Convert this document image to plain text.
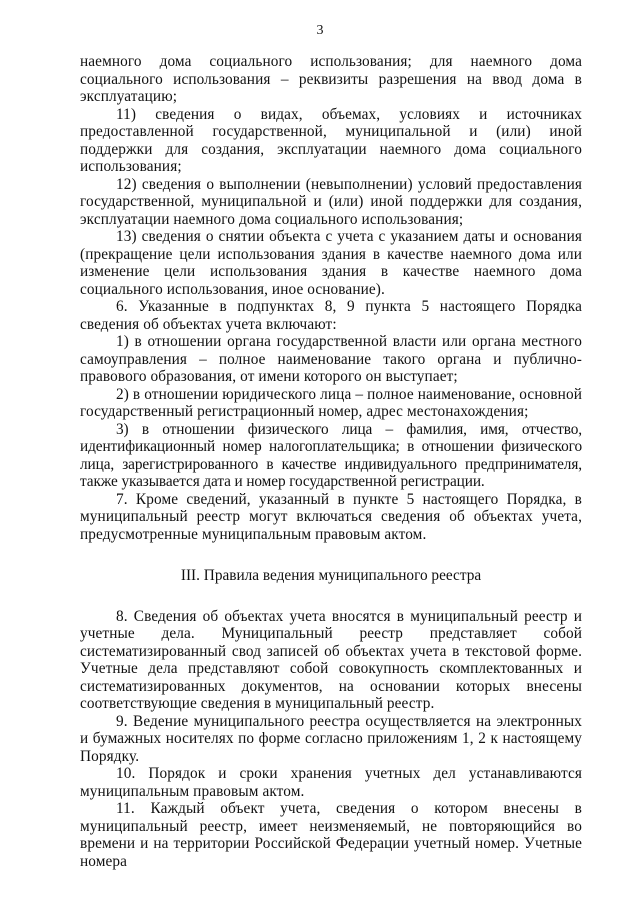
3

наемного дома социального использования; для наемного дома социального использования – реквизиты разрешения на ввод дома в эксплуатацию;

11) сведения о видах, объемах, условиях и источниках предоставленной государственной, муниципальной и (или) иной поддержки для создания, эксплуатации наемного дома социального использования;

12) сведения о выполнении (невыполнении) условий предоставления государственной, муниципальной и (или) иной поддержки для создания, эксплуатации наемного дома социального использования;

13) сведения о снятии объекта с учета с указанием даты и основания (прекращение цели использования здания в качестве наемного дома или изменение цели использования здания в качестве наемного дома социального использования, иное основание).

6. Указанные в подпунктах 8, 9 пункта 5 настоящего Порядка сведения об объектах учета включают:

1) в отношении органа государственной власти или органа местного самоуправления – полное наименование такого органа и публично-правового образования, от имени которого он выступает;

2) в отношении юридического лица – полное наименование, основной государственный регистрационный номер, адрес местонахождения;

3) в отношении физического лица – фамилия, имя, отчество, идентификационный номер налогоплательщика; в отношении физического лица, зарегистрированного в качестве индивидуального предпринимателя, также указывается дата и номер государственной регистрации.

7. Кроме сведений, указанный в пункте 5 настоящего Порядка, в муниципальный реестр могут включаться сведения об объектах учета, предусмотренные муниципальным правовым актом.

III. Правила ведения муниципального реестра

8. Сведения об объектах учета вносятся в муниципальный реестр и учетные дела. Муниципальный реестр представляет собой систематизированный свод записей об объектах учета в текстовой форме. Учетные дела представляют собой совокупность скомплектованных и систематизированных документов, на основании которых внесены соответствующие сведения в муниципальный реестр.

9. Ведение муниципального реестра осуществляется на электронных и бумажных носителях по форме согласно приложениям 1, 2 к настоящему Порядку.

10. Порядок и сроки хранения учетных дел устанавливаются муниципальным правовым актом.

11. Каждый объект учета, сведения о котором внесены в муниципальный реестр, имеет неизменяемый, не повторяющийся во времени и на территории Российской Федерации учетный номер. Учетные номера
